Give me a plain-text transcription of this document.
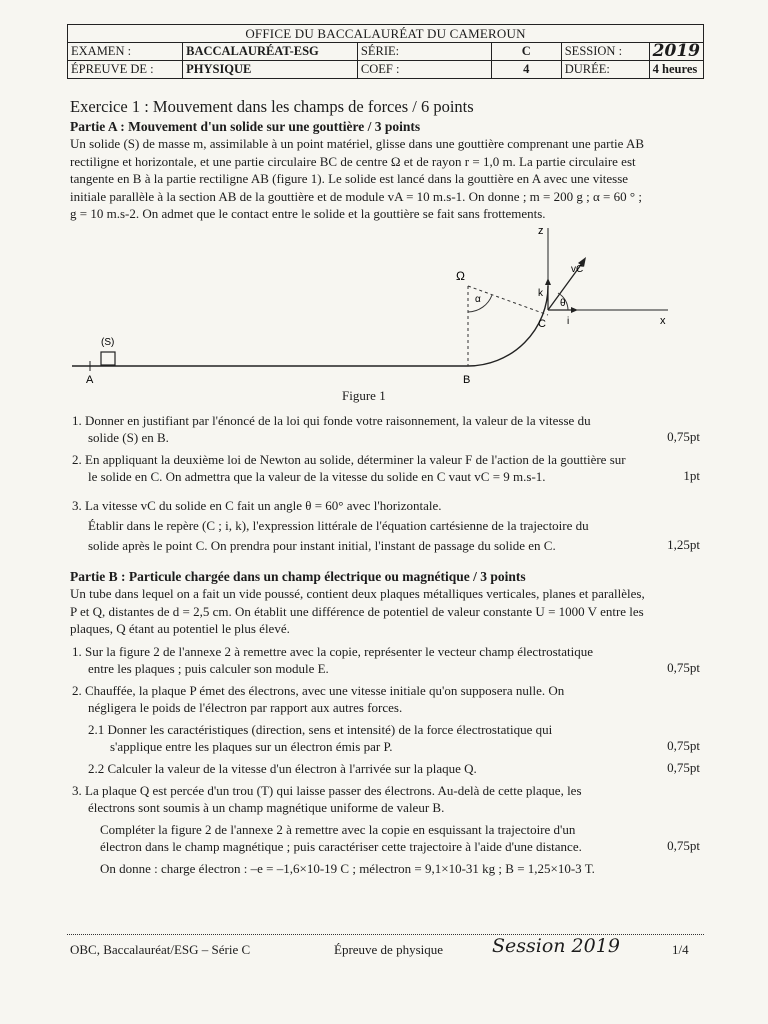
OFFICE DU BACCALAURÉAT DU CAMEROUN					
EXAMEN :	BACCALAURÉAT-ESG	SÉRIE:	C	SESSION :	2019
ÉPREUVE DE :	PHYSIQUE	COEF :	4	DURÉE:	4 heures
Exercice 1 : Mouvement dans les champs de forces / 6 points
Partie A : Mouvement d'un solide sur une gouttière / 3 points
Un solide (S) de masse m, assimilable à un point matériel, glisse dans une gouttière comprenant une partie AB
rectiligne et horizontale, et une partie circulaire BC de centre Ω et de rayon r = 1,0 m. La partie circulaire est
tangente en B à la partie rectiligne AB (figure 1). Le solide est lancé dans la gouttière en A avec une vitesse
initiale parallèle à la section AB de la gouttière et de module vA = 10 m.s-1. On donne ; m = 200 g ; α = 60 ° ;
g = 10 m.s-2. On admet que le contact entre le solide et la gouttière se fait sans frottements.
(S)
A	B
C
Ω
α	θ
z
x
k
i
vC
Figure 1
1. Donner en justifiant par l'énoncé de la loi qui fonde votre raisonnement, la valeur de la vitesse du
solide (S) en B.	0,75pt
2. En appliquant la deuxième loi de Newton au solide, déterminer la valeur F de l'action de la gouttière sur
le solide en C. On admettra que la valeur de la vitesse du solide en C vaut vC = 9 m.s-1.	1pt
3. La vitesse vC du solide en C fait un angle θ = 60° avec l'horizontale.
Établir dans le repère (C ; i, k), l'expression littérale de l'équation cartésienne de la trajectoire du
solide après le point C. On prendra pour instant initial, l'instant de passage du solide en C.	1,25pt
Partie B : Particule chargée dans un champ électrique ou magnétique / 3 points
Un tube dans lequel on a fait un vide poussé, contient deux plaques métalliques verticales, planes et parallèles,
P et Q, distantes de d = 2,5 cm. On établit une différence de potentiel de valeur constante U = 1000 V entre les
plaques, Q étant au potentiel le plus élevé.
1. Sur la figure 2 de l'annexe 2 à remettre avec la copie, représenter le vecteur champ électrostatique
entre les plaques ; puis calculer son module E.	0,75pt
2. Chauffée, la plaque P émet des électrons, avec une vitesse initiale qu'on supposera nulle. On
négligera le poids de l'électron par rapport aux autres forces.
2.1 Donner les caractéristiques (direction, sens et intensité) de la force électrostatique qui
s'applique entre les plaques sur un électron émis par P.	0,75pt
2.2 Calculer la valeur de la vitesse d'un électron à l'arrivée sur la plaque Q.	0,75pt
3. La plaque Q est percée d'un trou (T) qui laisse passer des électrons. Au-delà de cette plaque, les
électrons sont soumis à un champ magnétique uniforme de valeur B.
Compléter la figure 2 de l'annexe 2 à remettre avec la copie en esquissant la trajectoire d'un
électron dans le champ magnétique ; puis caractériser cette trajectoire à l'aide d'une distance.	0,75pt
On donne : charge électron : –e = –1,6×10-19 C ; mélectron = 9,1×10-31 kg ; B = 1,25×10-3 T.
OBC, Baccalauréat/ESG – Série C	Épreuve de physique	Session 2019	1/4
